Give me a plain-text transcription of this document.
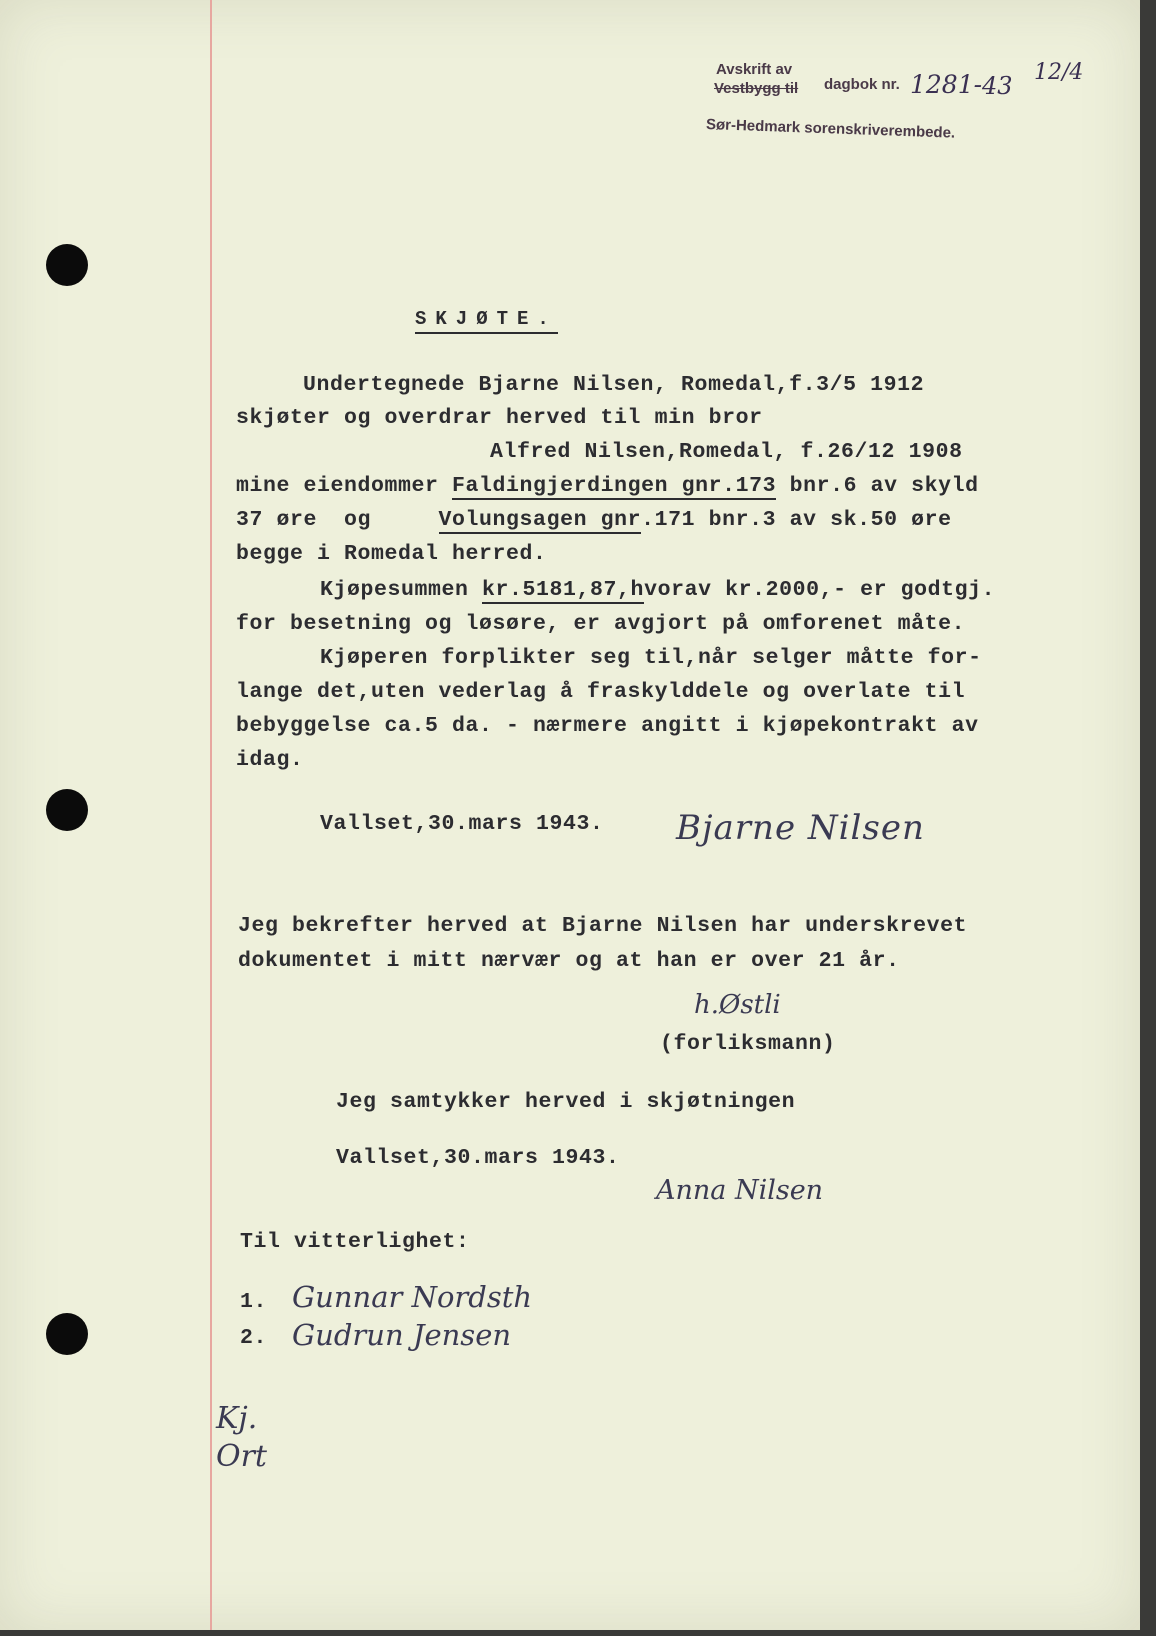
Avskrift av
Vestbygg til dagbok nr. 1281- 43 12/4
Sør-Hedmark sorenskriverembede.
SKJØTE.
Undertegnede Bjarne Nilsen, Romedal,f.3/5 1912
skjøter og overdrar herved til min bror
Alfred Nilsen,Romedal, f.26/12 1908
mine eiendommer Faldingjerdingen gnr.173 bnr.6 av skyld
37 øre  og     Volungsagen gnr.171 bnr.3 av sk.50 øre
begge i Romedal herred.
Kjøpesummen kr.5181,87,hvorav kr.2000,- er godtgj.
for besetning og løsøre, er avgjort på omforenet måte.
Kjøperen forplikter seg til,når selger måtte for-
lange det,uten vederlag å fraskylddele og overlate til
bebyggelse ca.5 da. - nærmere angitt i kjøpekontrakt av
idag.
Vallset,30.mars 1943. Bjarne Nilsen
Jeg bekrefter herved at Bjarne Nilsen har underskrevet
dokumentet i mitt nærvær og at han er over 21 år.
h.Østli
(forliksmann)
Jeg samtykker herved i skjøtningen
Vallset,30.mars 1943.
Anna Nilsen
Til vitterlighet:
1. Gunnar Nordsth
2. Gudrun Jensen
Kj. Ort
